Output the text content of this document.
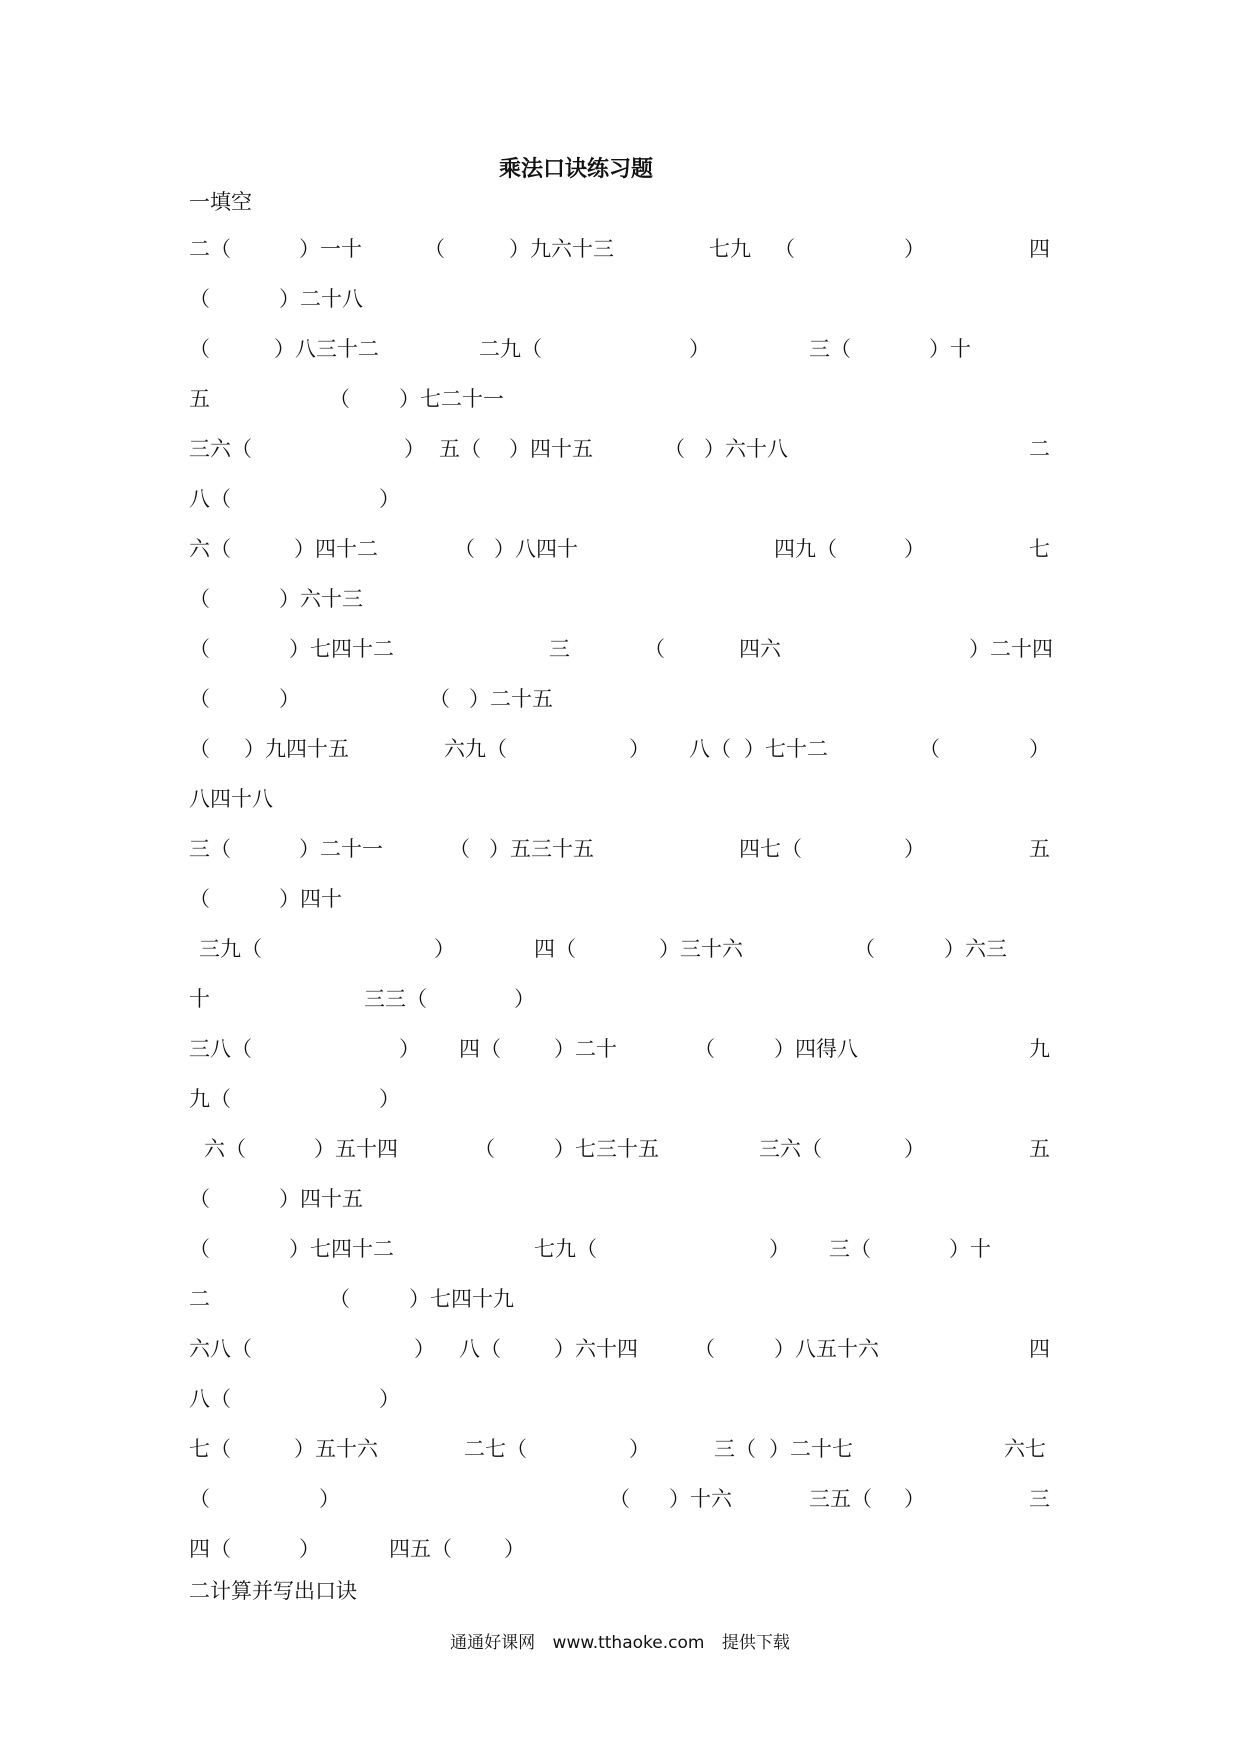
乘法口诀练习题
一填空
二（	）一十	（	）九六十三	七九 （	）	四
（	）二十八
（	）八三十二	二九（	）	三（	）十
五	（ ）七二十一
三六（	） 五（ ）四十五	（ ）六十八	二
八（	）
六（	）四十二	（ ）八四十	四九（	）	七
（	）六十三
（	）七四十二	三	（	）二十四
四六
（	）	（ ）二十五
（ ）九四十五	六九（	） 八（ ）七十二	（	）
八四十八
三（	）二十一	（ ）五三十五	四七（	）	五
（	）四十
三九（	）	四（	）三十六	（	）六三
十	三三（	）
三八（	） 四（	）二十	（	）四得八	九
九（	）
六（	）五十四	（	）七三十五	三六（	）	五
（	）四十五
（	）七四十二	七九（	） 三（	）十
二	（	）七四十九
六八（	） 八（	）六十四	（	）八五十六	四
八（	）
七（	）五十六	二七（	）	三（ ）二十七	六七
（	）	（ ）十六	三五（ ）	三
四（	）	四五（ ）
二计算并写出口诀
通通好课网 www.tthaoke.com 提供下载
